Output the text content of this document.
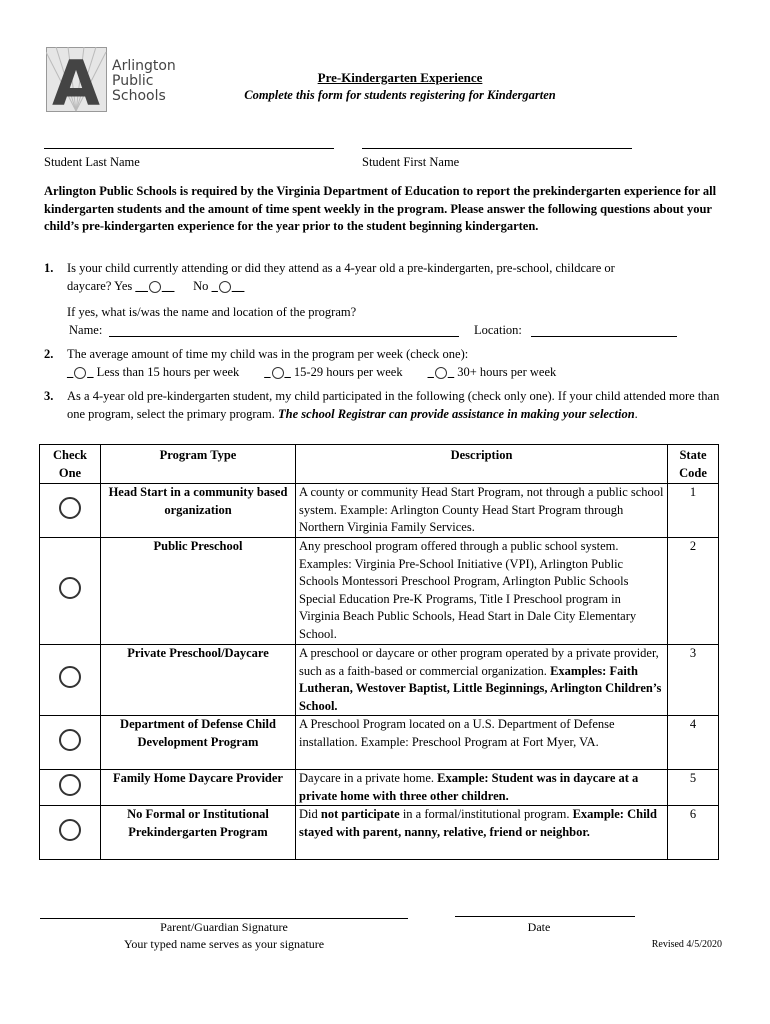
A Arlington
Public
Schools
Pre-Kindergarten Experience
Complete this form for students registering for Kindergarten
Student Last Name	Student First Name
Arlington Public Schools is required by the Virginia Department of Education to report the prekindergarten experience for all kindergarten students and the amount of time spent weekly in the program. Please answer the following questions about your child’s pre-kindergarten experience for the year prior to the student beginning kindergarten.
1. Is your child currently attending or did they attend as a 4-year old a pre-kindergarten, pre-school, childcare or
daycare? Yes __ __ No _ __
If yes, what is/was the name and location of the program?
Name:	Location:
2. The average amount of time my child was in the program per week (check one):
_ _ Less than 15 hours per week _ _ 15-29 hours per week _ _ 30+ hours per week
3. As a 4-year old pre-kindergarten student, my child participated in the following (check only one). If your child attended more than one program, select the primary program. The school Registrar can provide assistance in making your selection.
Check One	Program Type	Description	State Code
	Head Start in a community based organization	A county or community Head Start Program, not through a public school system. Example: Arlington County Head Start Program through Northern Virginia Family Services.	1
	Public Preschool	Any preschool program offered through a public school system. Examples: Virginia Pre-School Initiative (VPI), Arlington Public Schools Montessori Preschool Program, Arlington Public Schools Special Education Pre-K Programs, Title I Preschool program in Virginia Beach Public Schools, Head Start in Dale City Elementary School.	2
	Private Preschool/Daycare	A preschool or daycare or other program operated by a private provider, such as a faith-based or commercial organization. Examples: Faith Lutheran, Westover Baptist, Little Beginnings, Arlington Children’s School.	3
	Department of Defense Child Development Program	A Preschool Program located on a U.S. Department of Defense installation. Example: Preschool Program at Fort Myer, VA.	4
	Family Home Daycare Provider	Daycare in a private home. Example: Student was in daycare at a private home with three other children.	5
	No Formal or Institutional Prekindergarten Program	Did not participate in a formal/institutional program. Example: Child stayed with parent, nanny, relative, friend or neighbor.	6
Parent/Guardian Signature
Your typed name serves as your signature
Date
Revised 4/5/2020
